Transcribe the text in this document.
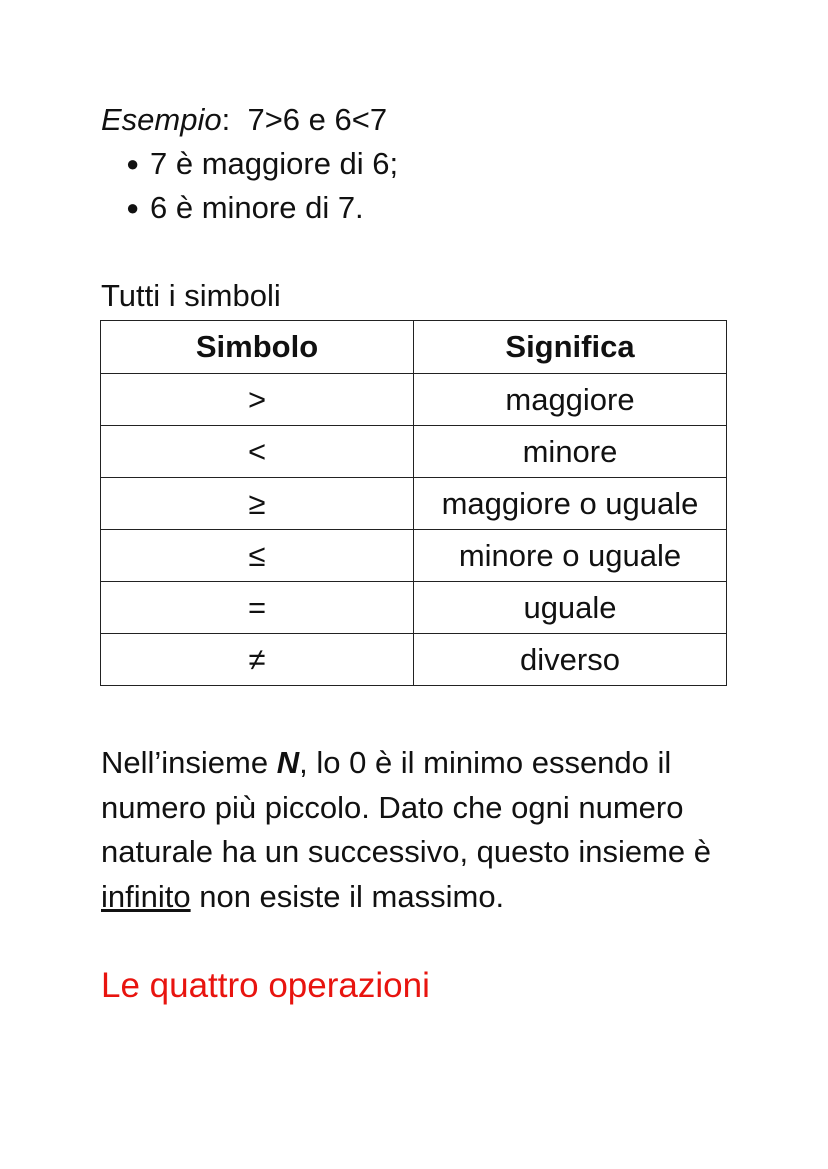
Esempio:  7>6 e 6<7
● 7 è maggiore di 6;
● 6 è minore di 7.
Tutti i simboli
Simbolo	Significa
>	maggiore
<	minore
≥	maggiore o uguale
≤	minore o uguale
=	uguale
≠	diverso

Nell’insieme N, lo 0 è il minimo essendo il numero più piccolo. Dato che ogni numero naturale ha un successivo, questo insieme è infinito non esiste il massimo.

Le quattro operazioni
